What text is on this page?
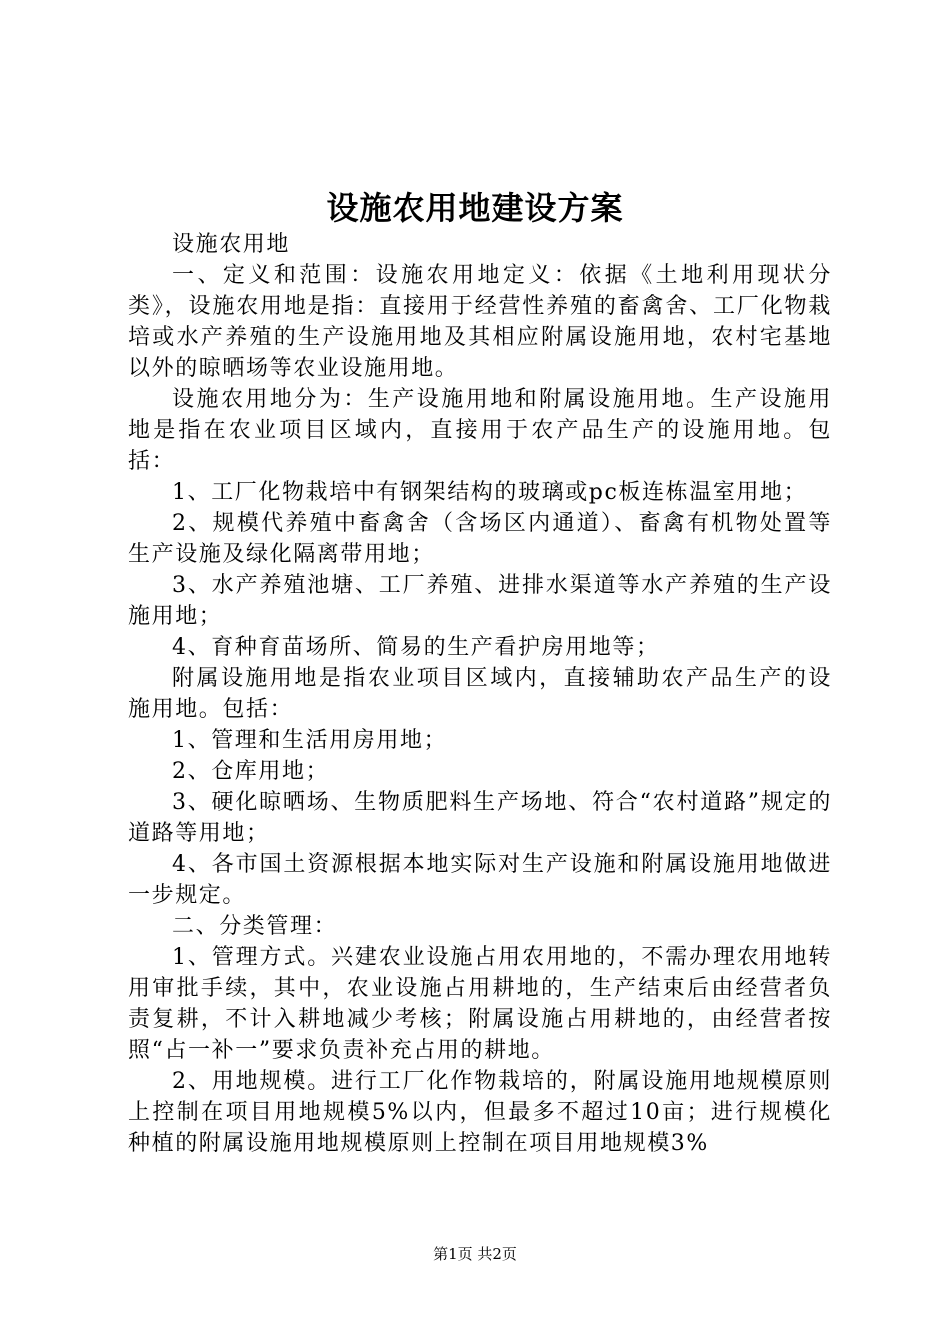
设施农用地建设方案

设施农用地

一、定义和范围：设施农用地定义：依据《土地利用现状分类》，设施农用地是指：直接用于经营性养殖的畜禽舍、工厂化物栽培或水产养殖的生产设施用地及其相应附属设施用地，农村宅基地以外的晾晒场等农业设施用地。

设施农用地分为：生产设施用地和附属设施用地。生产设施用地是指在农业项目区域内，直接用于农产品生产的设施用地。包括：

1、工厂化物栽培中有钢架结构的玻璃或pc板连栋温室用地；

2、规模代养殖中畜禽舍（含场区内通道）、畜禽有机物处置等生产设施及绿化隔离带用地；

3、水产养殖池塘、工厂养殖、进排水渠道等水产养殖的生产设施用地；

4、育种育苗场所、简易的生产看护房用地等；

附属设施用地是指农业项目区域内，直接辅助农产品生产的设施用地。包括：

1、管理和生活用房用地；

2、仓库用地；

3、硬化晾晒场、生物质肥料生产场地、符合“农村道路”规定的道路等用地；

4、各市国土资源根据本地实际对生产设施和附属设施用地做进一步规定。

二、分类管理：

1、管理方式。兴建农业设施占用农用地的，不需办理农用地转用审批手续，其中，农业设施占用耕地的，生产结束后由经营者负责复耕，不计入耕地减少考核；附属设施占用耕地的，由经营者按照“占一补一”要求负责补充占用的耕地。

2、用地规模。进行工厂化作物栽培的，附属设施用地规模原则上控制在项目用地规模5%以内，但最多不超过10亩；进行规模化种植的附属设施用地规模原则上控制在项目用地规模3%

第1页 共2页
